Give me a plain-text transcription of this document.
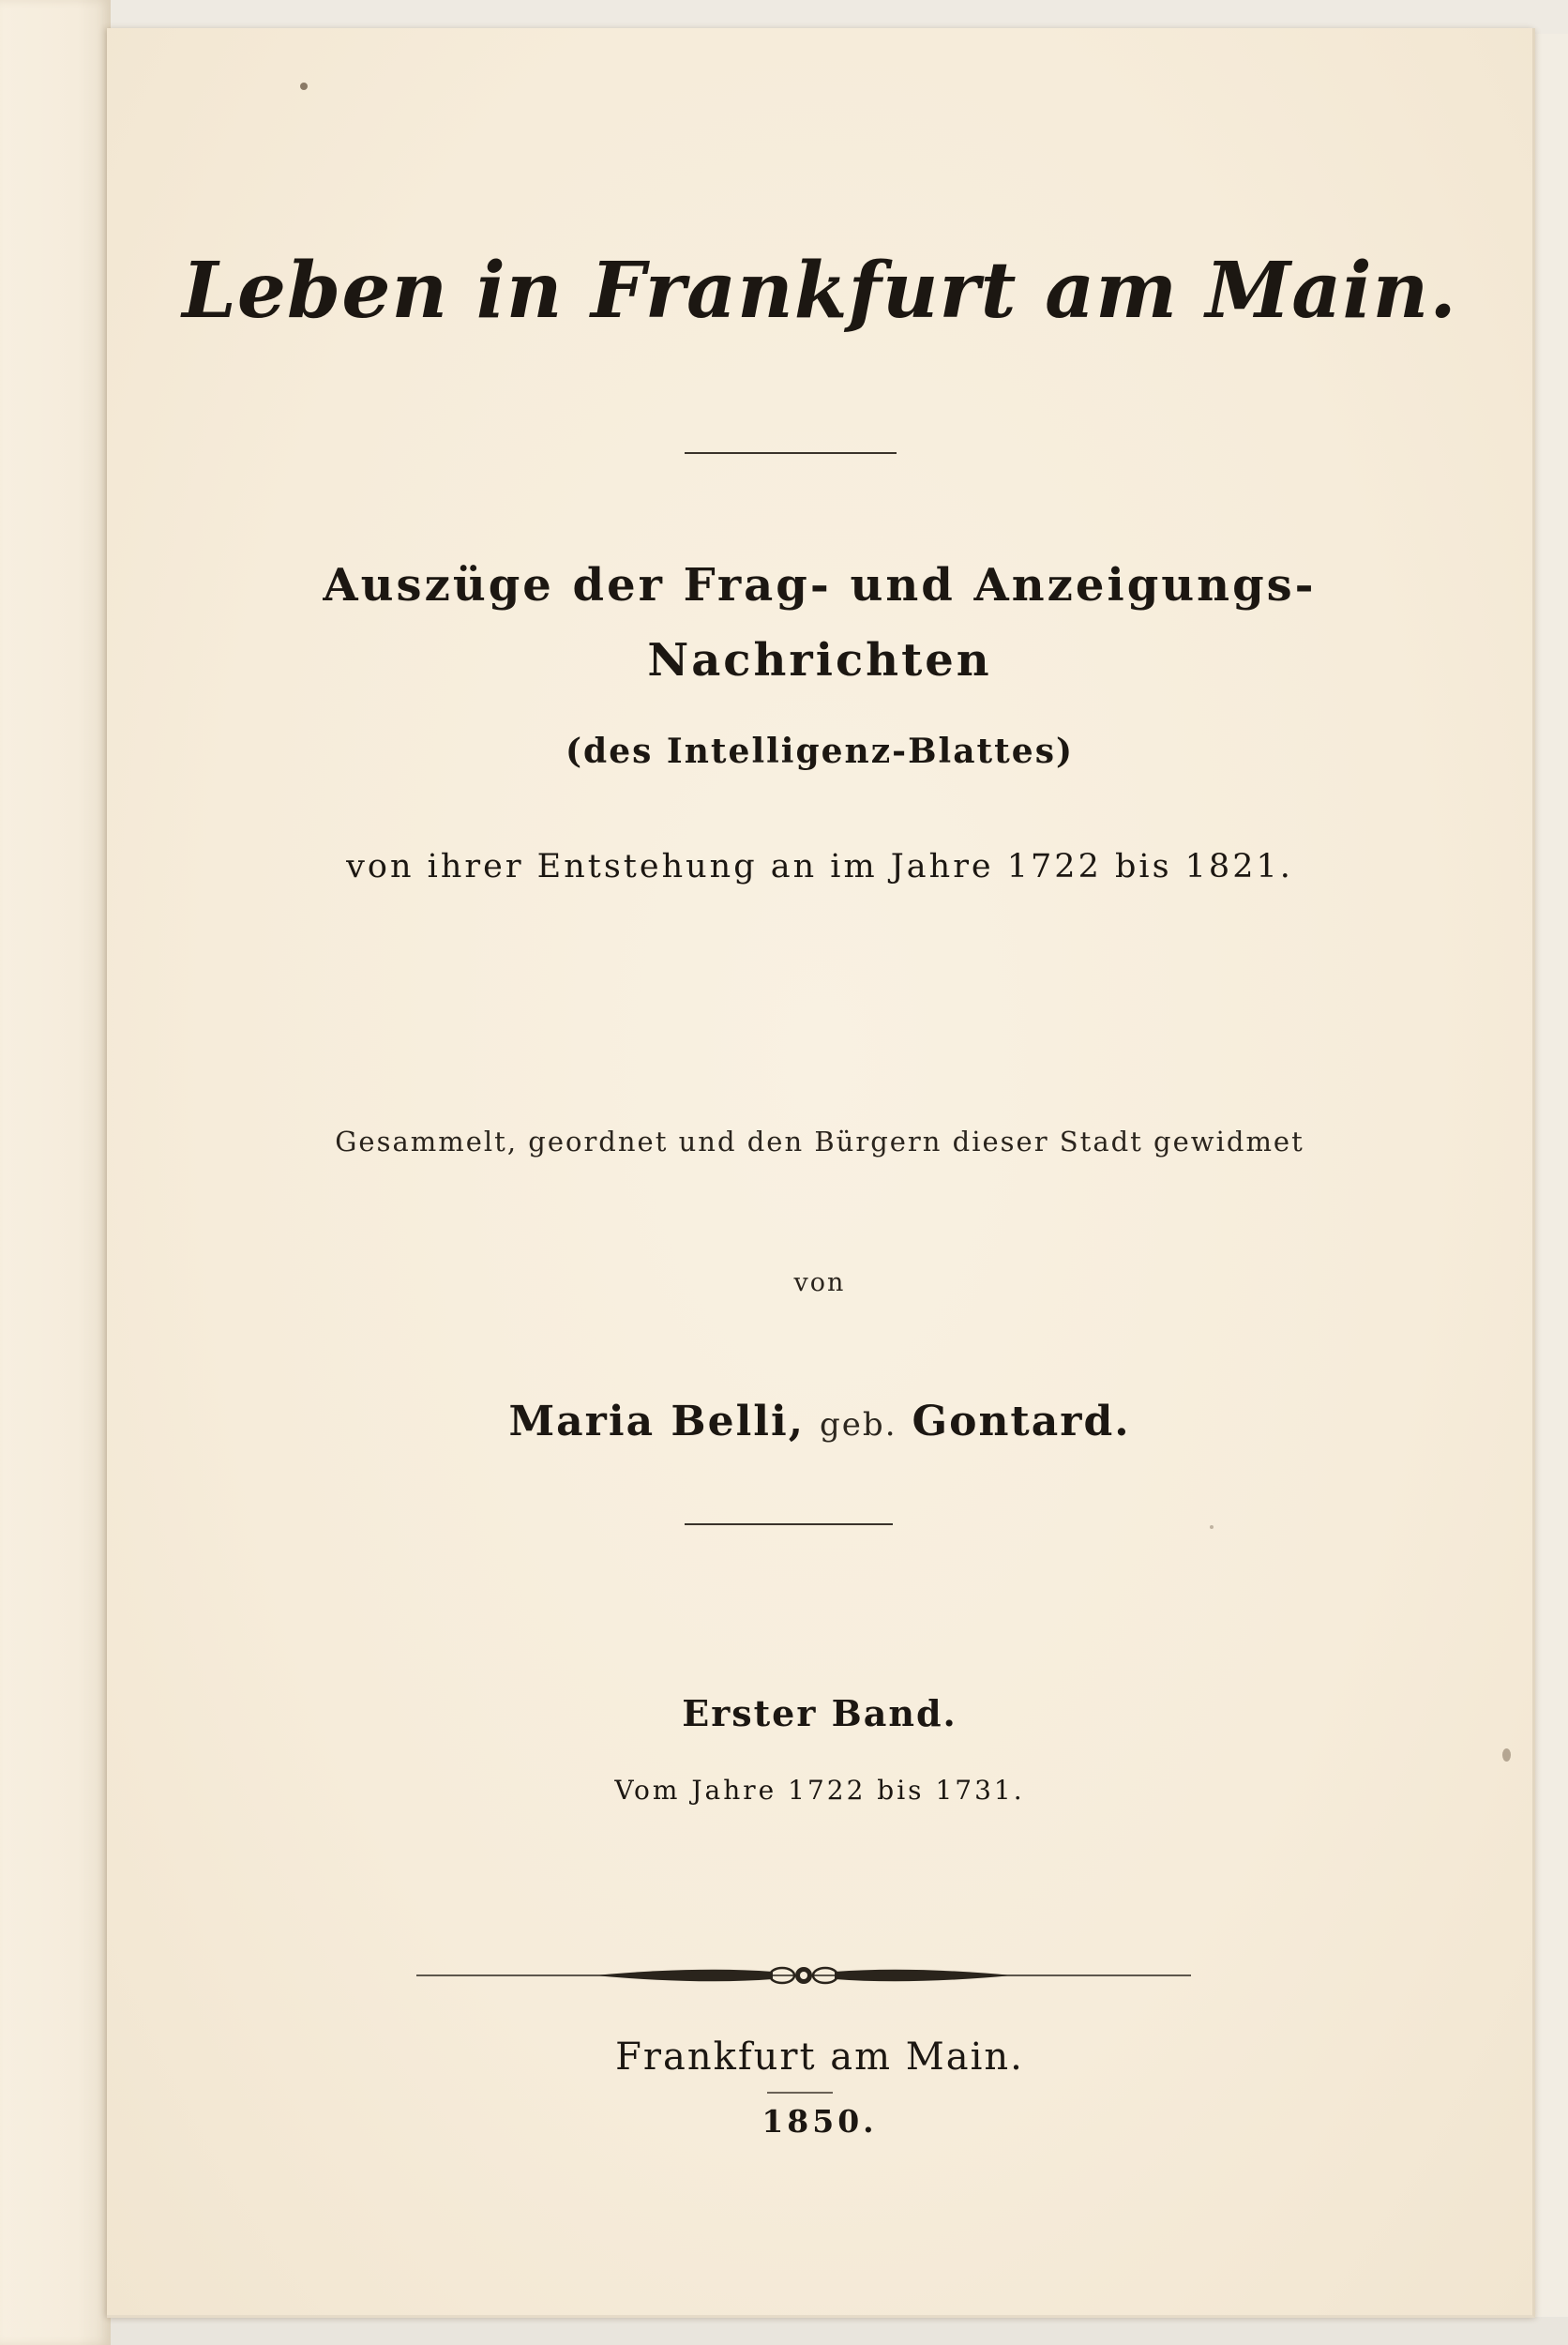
Leben in Frankfurt am Main.
Auszüge der Frag- und Anzeigungs-
Nachrichten
(des Intelligenz-Blattes)
von ihrer Entstehung an im Jahre 1722 bis 1821.
Gesammelt, geordnet und den Bürgern dieser Stadt gewidmet
von
Maria Belli, geb. Gontard.
Erster Band.
Vom Jahre 1722 bis 1731.
Frankfurt am Main.
1850.
